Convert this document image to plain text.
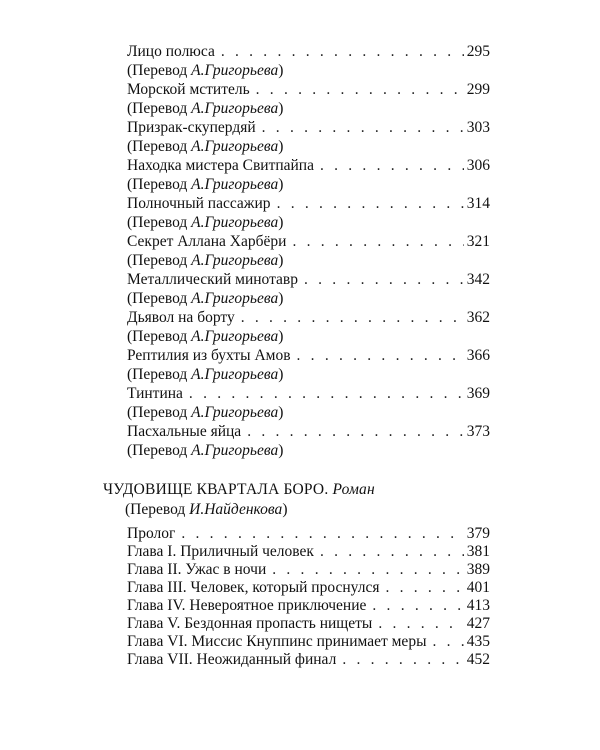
Лицо полюса . . .	295
(Перевод А.Григорьева)
Морской мститель . . .	299
(Перевод А.Григорьева)
Призрак-скупердяй . . .	303
(Перевод А.Григорьева)
Находка мистера Свитпайпа . . .	306
(Перевод А.Григорьева)
Полночный пассажир . . .	314
(Перевод А.Григорьева)
Секрет Аллана Харбёри . . .	321
(Перевод А.Григорьева)
Металлический минотавр . . .	342
(Перевод А.Григорьева)
Дьявол на борту . . .	362
(Перевод А.Григорьева)
Рептилия из бухты Амов . . .	366
(Перевод А.Григорьева)
Тинтина . . .	369
(Перевод А.Григорьева)
Пасхальные яйца . . .	373
(Перевод А.Григорьева)
ЧУДОВИЩЕ КВАРТАЛА БОРО. Роман
(Перевод И.Найденкова)
Пролог . . .	379
Глава I. Приличный человек . . .	381
Глава II. Ужас в ночи . . .	389
Глава III. Человек, который проснулся . . .	401
Глава IV. Невероятное приключение . . .	413
Глава V. Бездонная пропасть нищеты . . .	427
Глава VI. Миссис Кнуппинс принимает меры . . .	435
Глава VII. Неожиданный финал . . .	452
